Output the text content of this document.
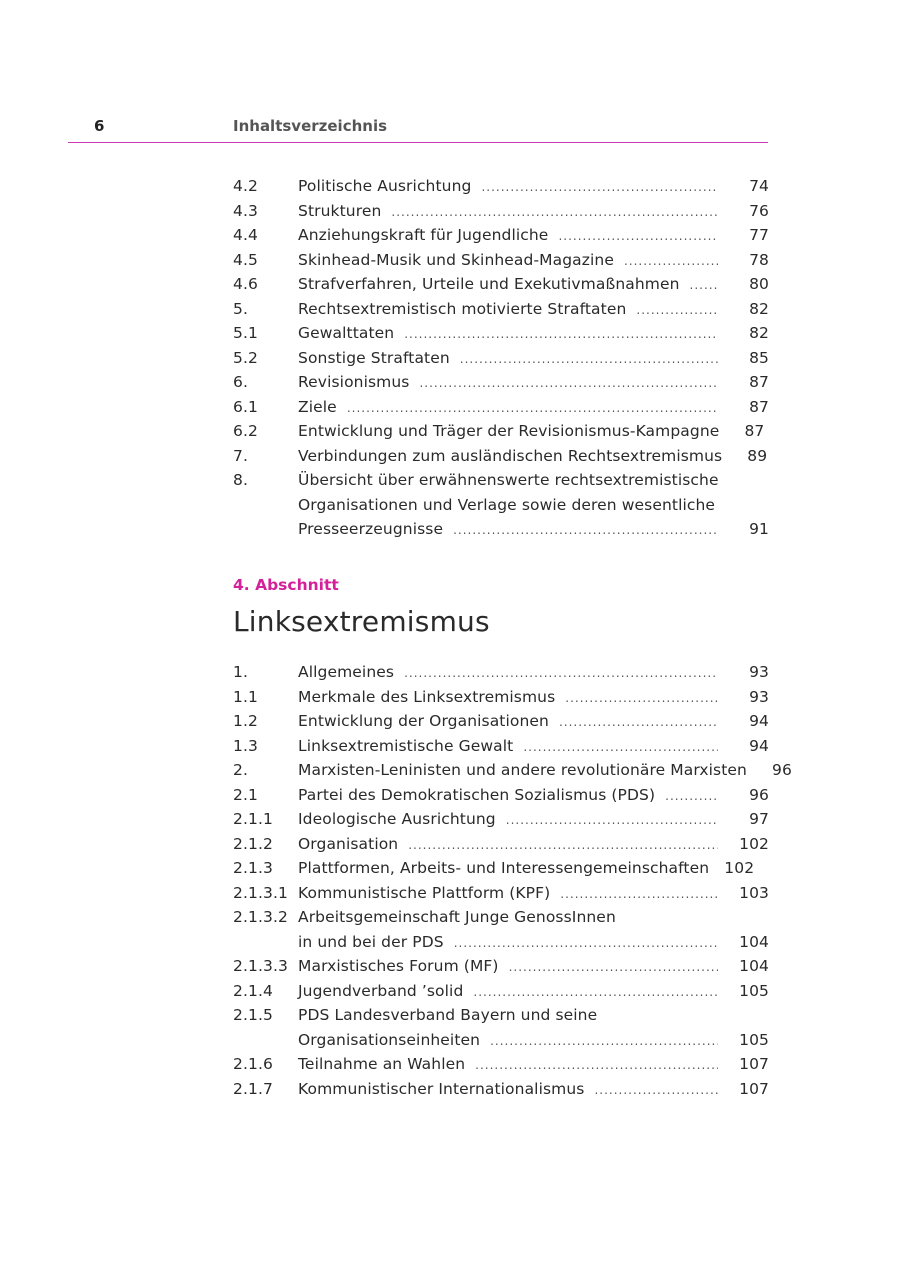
6	Inhaltsverzeichnis
4.2	Politische Ausrichtung .....	74
4.3	Strukturen .....	76
4.4	Anziehungskraft für Jugendliche .....	77
4.5	Skinhead-Musik und Skinhead-Magazine .....	78
4.6	Strafverfahren, Urteile und Exekutivmaßnahmen .....	80
5.	Rechtsextremistisch motivierte Straftaten .....	82
5.1	Gewalttaten .....	82
5.2	Sonstige Straftaten .....	85
6.	Revisionismus .....	87
6.1	Ziele .....	87
6.2	Entwicklung und Träger der Revisionismus-Kampagne	87
7.	Verbindungen zum ausländischen Rechtsextremismus	89
8.	Übersicht über erwähnenswerte rechtsextremistische
Organisationen und Verlage sowie deren wesentliche
Presseerzeugnisse .....	91
4. Abschnitt
Linksextremismus
1.	Allgemeines .....	93
1.1	Merkmale des Linksextremismus .....	93
1.2	Entwicklung der Organisationen .....	94
1.3	Linksextremistische Gewalt .....	94
2.	Marxisten-Leninisten und andere revolutionäre Marxisten	96
2.1	Partei des Demokratischen Sozialismus (PDS) .....	96
2.1.1	Ideologische Ausrichtung .....	97
2.1.2	Organisation .....	102
2.1.3	Plattformen, Arbeits- und Interessengemeinschaften 102
2.1.3.1 Kommunistische Plattform (KPF) .....	103
2.1.3.2 Arbeitsgemeinschaft Junge GenossInnen
in und bei der PDS .....	104
2.1.3.3 Marxistisches Forum (MF) .....	104
2.1.4	Jugendverband ’solid .....	105
2.1.5	PDS Landesverband Bayern und seine
Organisationseinheiten .....	105
2.1.6	Teilnahme an Wahlen .....	107
2.1.7	Kommunistischer Internationalismus .....	107
